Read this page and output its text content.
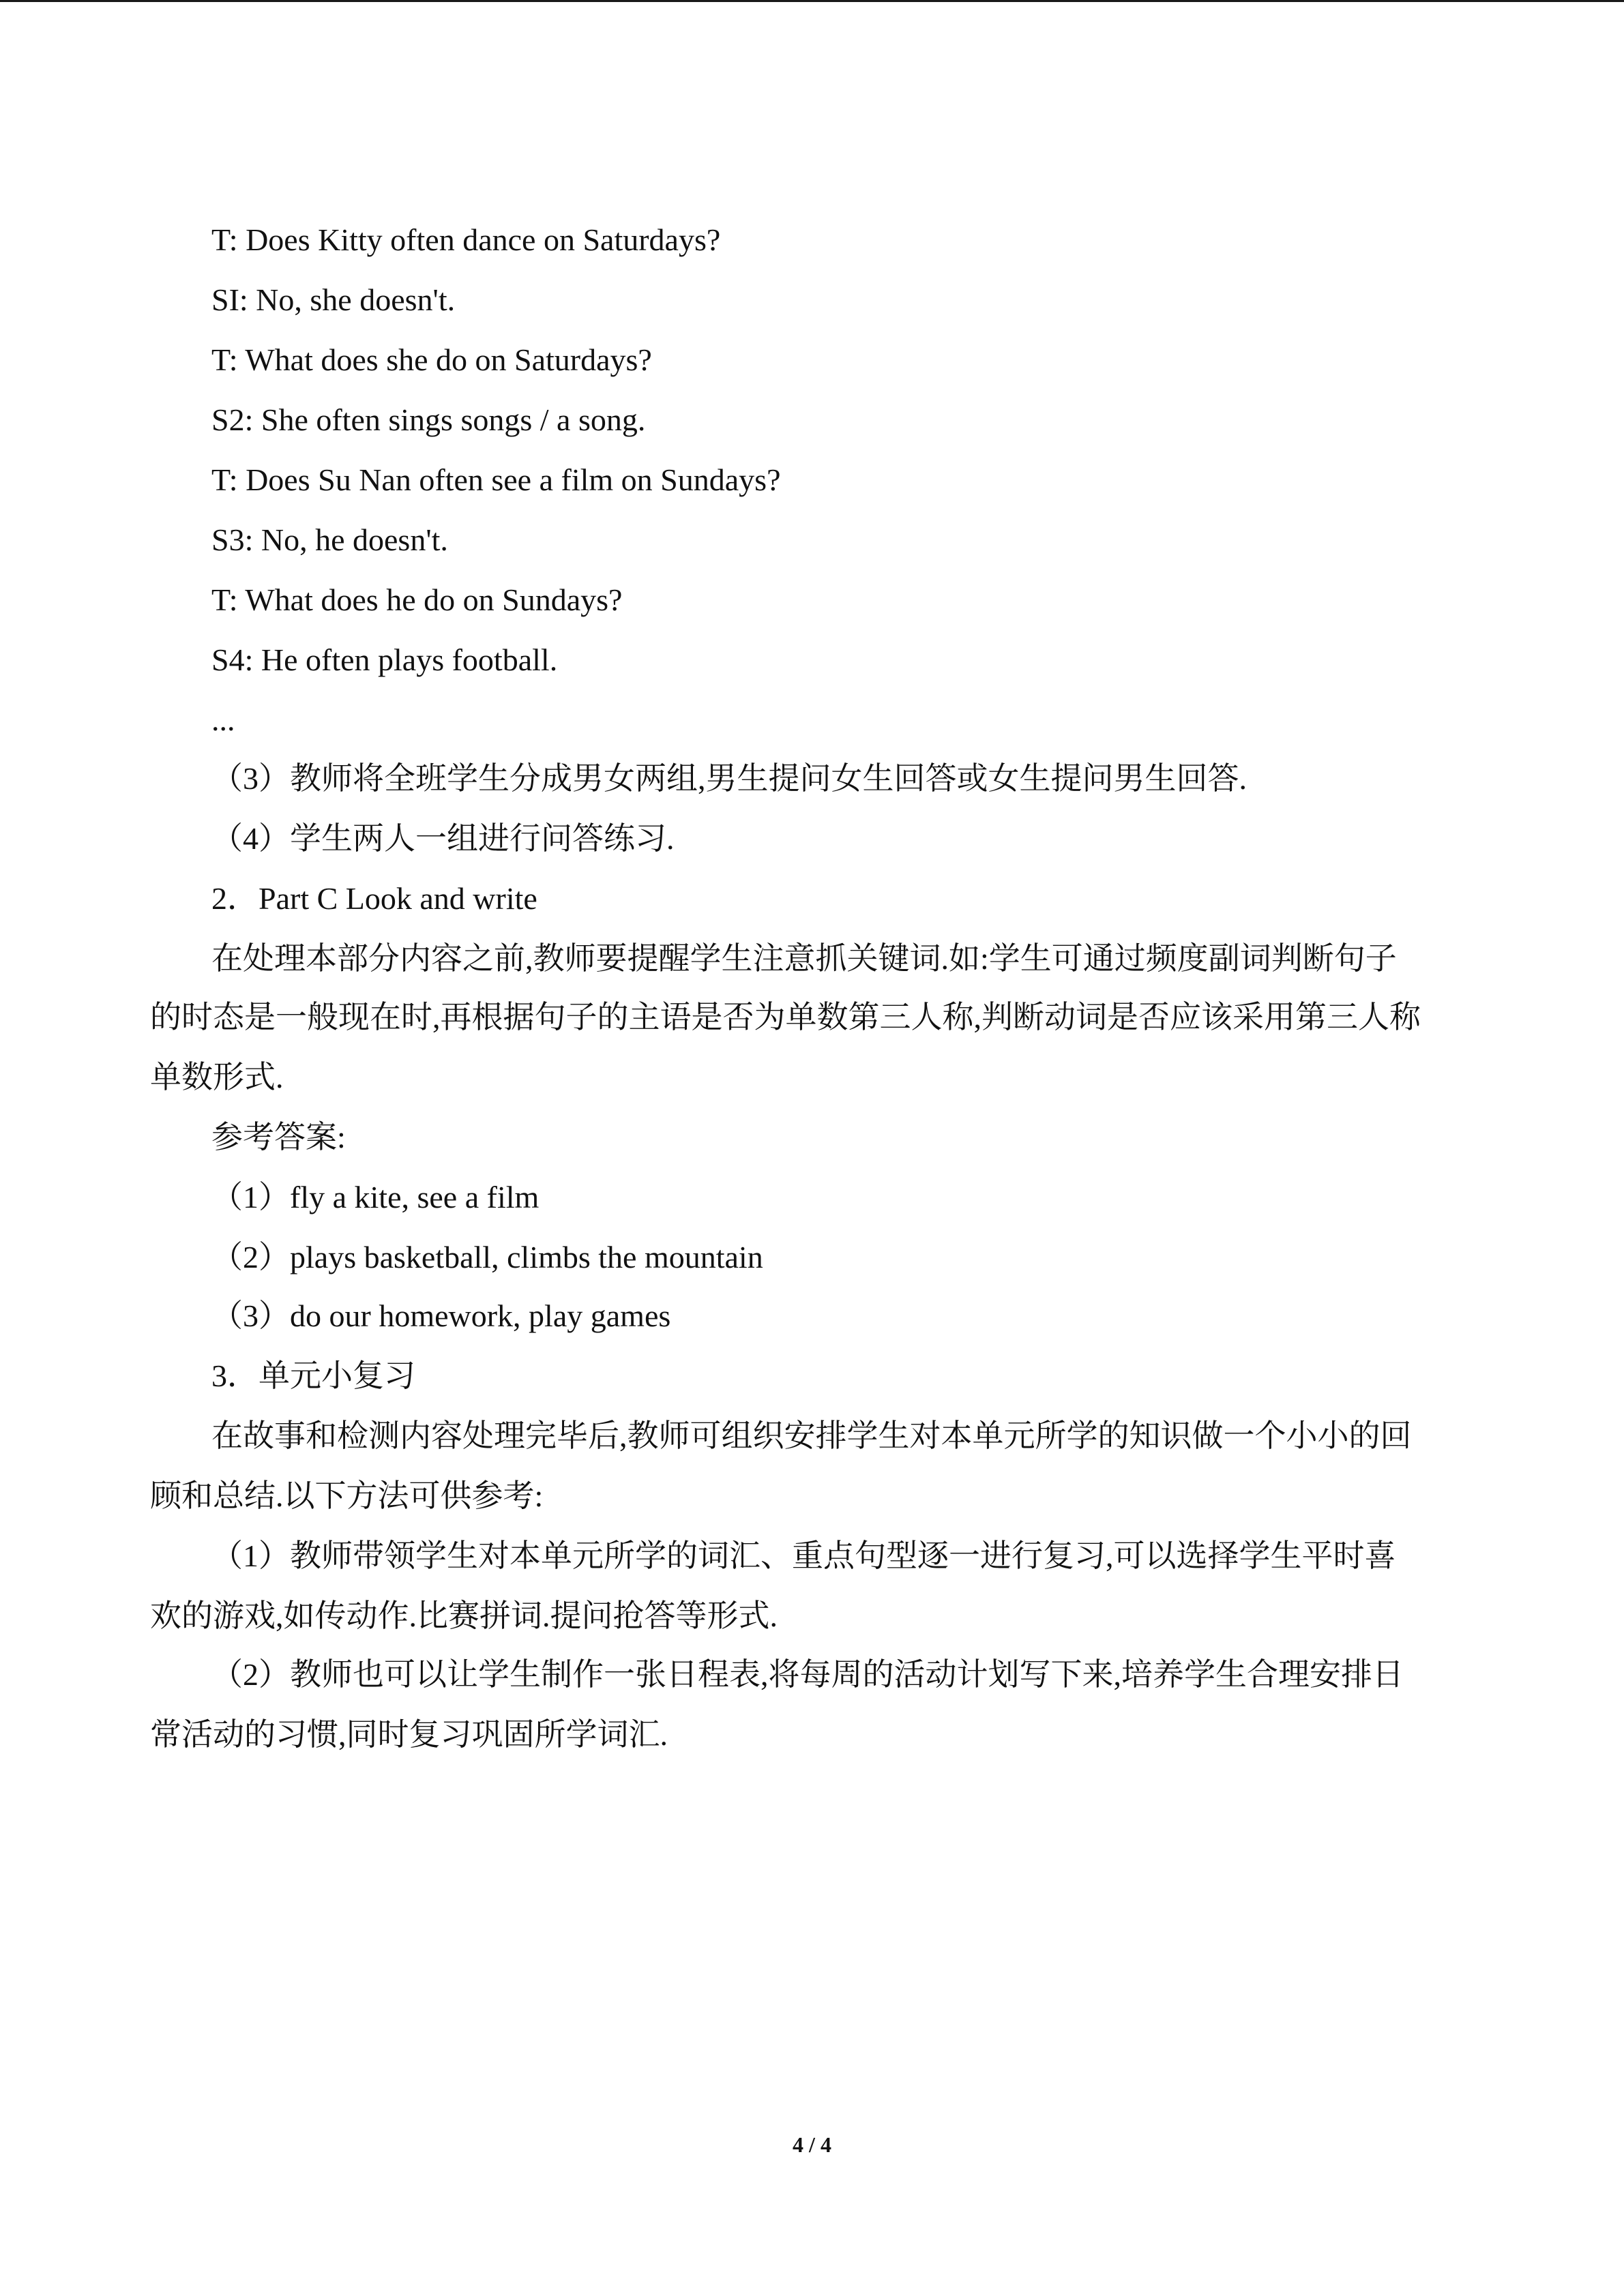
T: Does Kitty often dance on Saturdays?

SI: No, she doesn't.

T: What does she do on Saturdays?

S2: She often sings songs / a song.

T: Does Su Nan often see a film on Sundays?

S3: No, he doesn't.

T: What does he do on Sundays?

S4: He often plays football.

...

（3）教师将全班学生分成男女两组,男生提问女生回答或女生提问男生回答.

（4）学生两人一组进行问答练习.

2．Part C Look and write

在处理本部分内容之前,教师要提醒学生注意抓关键词.如:学生可通过频度副词判断句子

的时态是一般现在时,再根据句子的主语是否为单数第三人称,判断动词是否应该采用第三人称

单数形式.

参考答案:

（1）fly a kite, see a film

（2）plays basketball, climbs the mountain

（3）do our homework, play games

3．单元小复习

在故事和检测内容处理完毕后,教师可组织安排学生对本单元所学的知识做一个小小的回

顾和总结.以下方法可供参考:

（1）教师带领学生对本单元所学的词汇、重点句型逐一进行复习,可以选择学生平时喜

欢的游戏,如传动作.比赛拼词.提问抢答等形式.

（2）教师也可以让学生制作一张日程表,将每周的活动计划写下来,培养学生合理安排日

常活动的习惯,同时复习巩固所学词汇.

4 / 4
